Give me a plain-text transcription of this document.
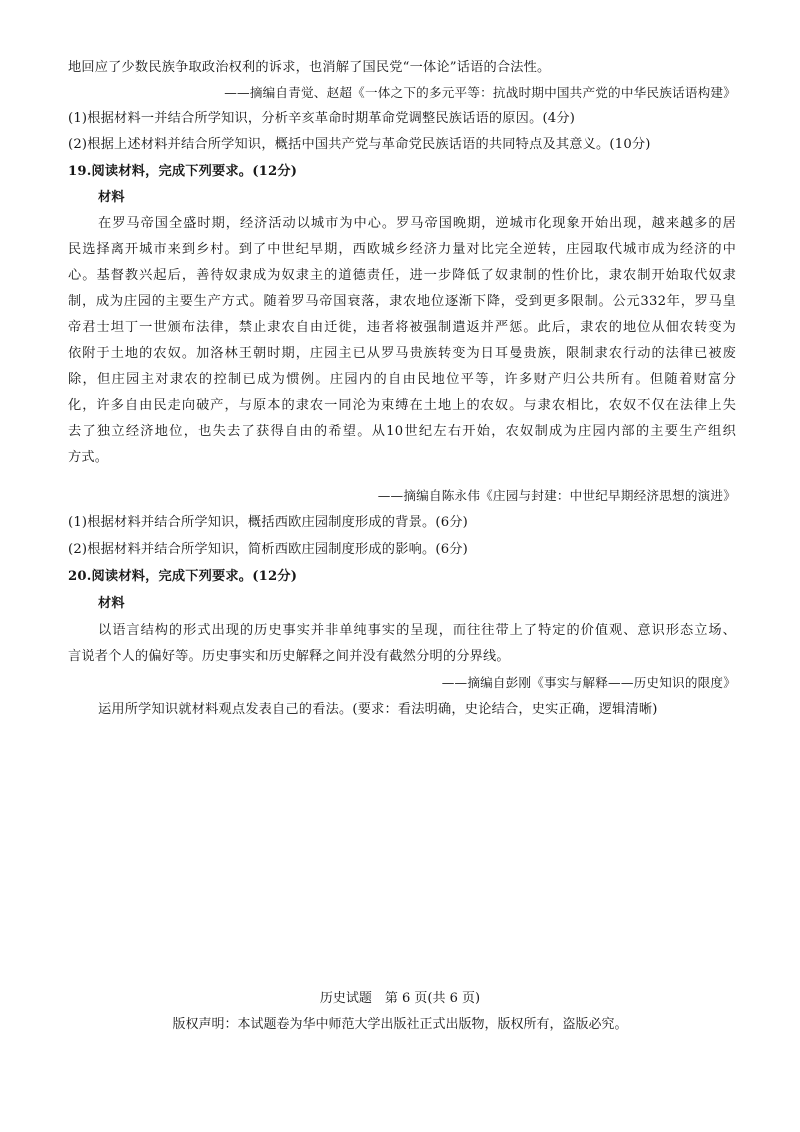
地回应了少数民族争取政治权利的诉求，也消解了国民党“一体论”话语的合法性。
——摘编自青觉、赵超《一体之下的多元平等：抗战时期中国共产党的中华民族话语构建》
(1)根据材料一并结合所学知识，分析辛亥革命时期革命党调整民族话语的原因。(4分)
(2)根据上述材料并结合所学知识，概括中国共产党与革命党民族话语的共同特点及其意义。(10分)
19.阅读材料，完成下列要求。(12分)
材料
在罗马帝国全盛时期，经济活动以城市为中心。罗马帝国晚期，逆城市化现象开始出现，越来越多的居
民选择离开城市来到乡村。到了中世纪早期，西欧城乡经济力量对比完全逆转，庄园取代城市成为经济的中
心。基督教兴起后，善待奴隶成为奴隶主的道德责任，进一步降低了奴隶制的性价比，隶农制开始取代奴隶
制，成为庄园的主要生产方式。随着罗马帝国衰落，隶农地位逐渐下降，受到更多限制。公元332年，罗马皇
帝君士坦丁一世颁布法律，禁止隶农自由迁徙，违者将被强制遣返并严惩。此后，隶农的地位从佃农转变为
依附于土地的农奴。加洛林王朝时期，庄园主已从罗马贵族转变为日耳曼贵族，限制隶农行动的法律已被废
除，但庄园主对隶农的控制已成为惯例。庄园内的自由民地位平等，许多财产归公共所有。但随着财富分
化，许多自由民走向破产，与原本的隶农一同沦为束缚在土地上的农奴。与隶农相比，农奴不仅在法律上失
去了独立经济地位，也失去了获得自由的希望。从10世纪左右开始，农奴制成为庄园内部的主要生产组织
方式。
——摘编自陈永伟《庄园与封建：中世纪早期经济思想的演进》
(1)根据材料并结合所学知识，概括西欧庄园制度形成的背景。(6分)
(2)根据材料并结合所学知识，简析西欧庄园制度形成的影响。(6分)
20.阅读材料，完成下列要求。(12分)
材料
以语言结构的形式出现的历史事实并非单纯事实的呈现，而往往带上了特定的价值观、意识形态立场、
言说者个人的偏好等。历史事实和历史解释之间并没有截然分明的分界线。
——摘编自彭刚《事实与解释——历史知识的限度》
运用所学知识就材料观点发表自己的看法。(要求：看法明确，史论结合，史实正确，逻辑清晰)
历史试题　第 6 页(共 6 页)
版权声明：本试题卷为华中师范大学出版社正式出版物，版权所有，盗版必究。
